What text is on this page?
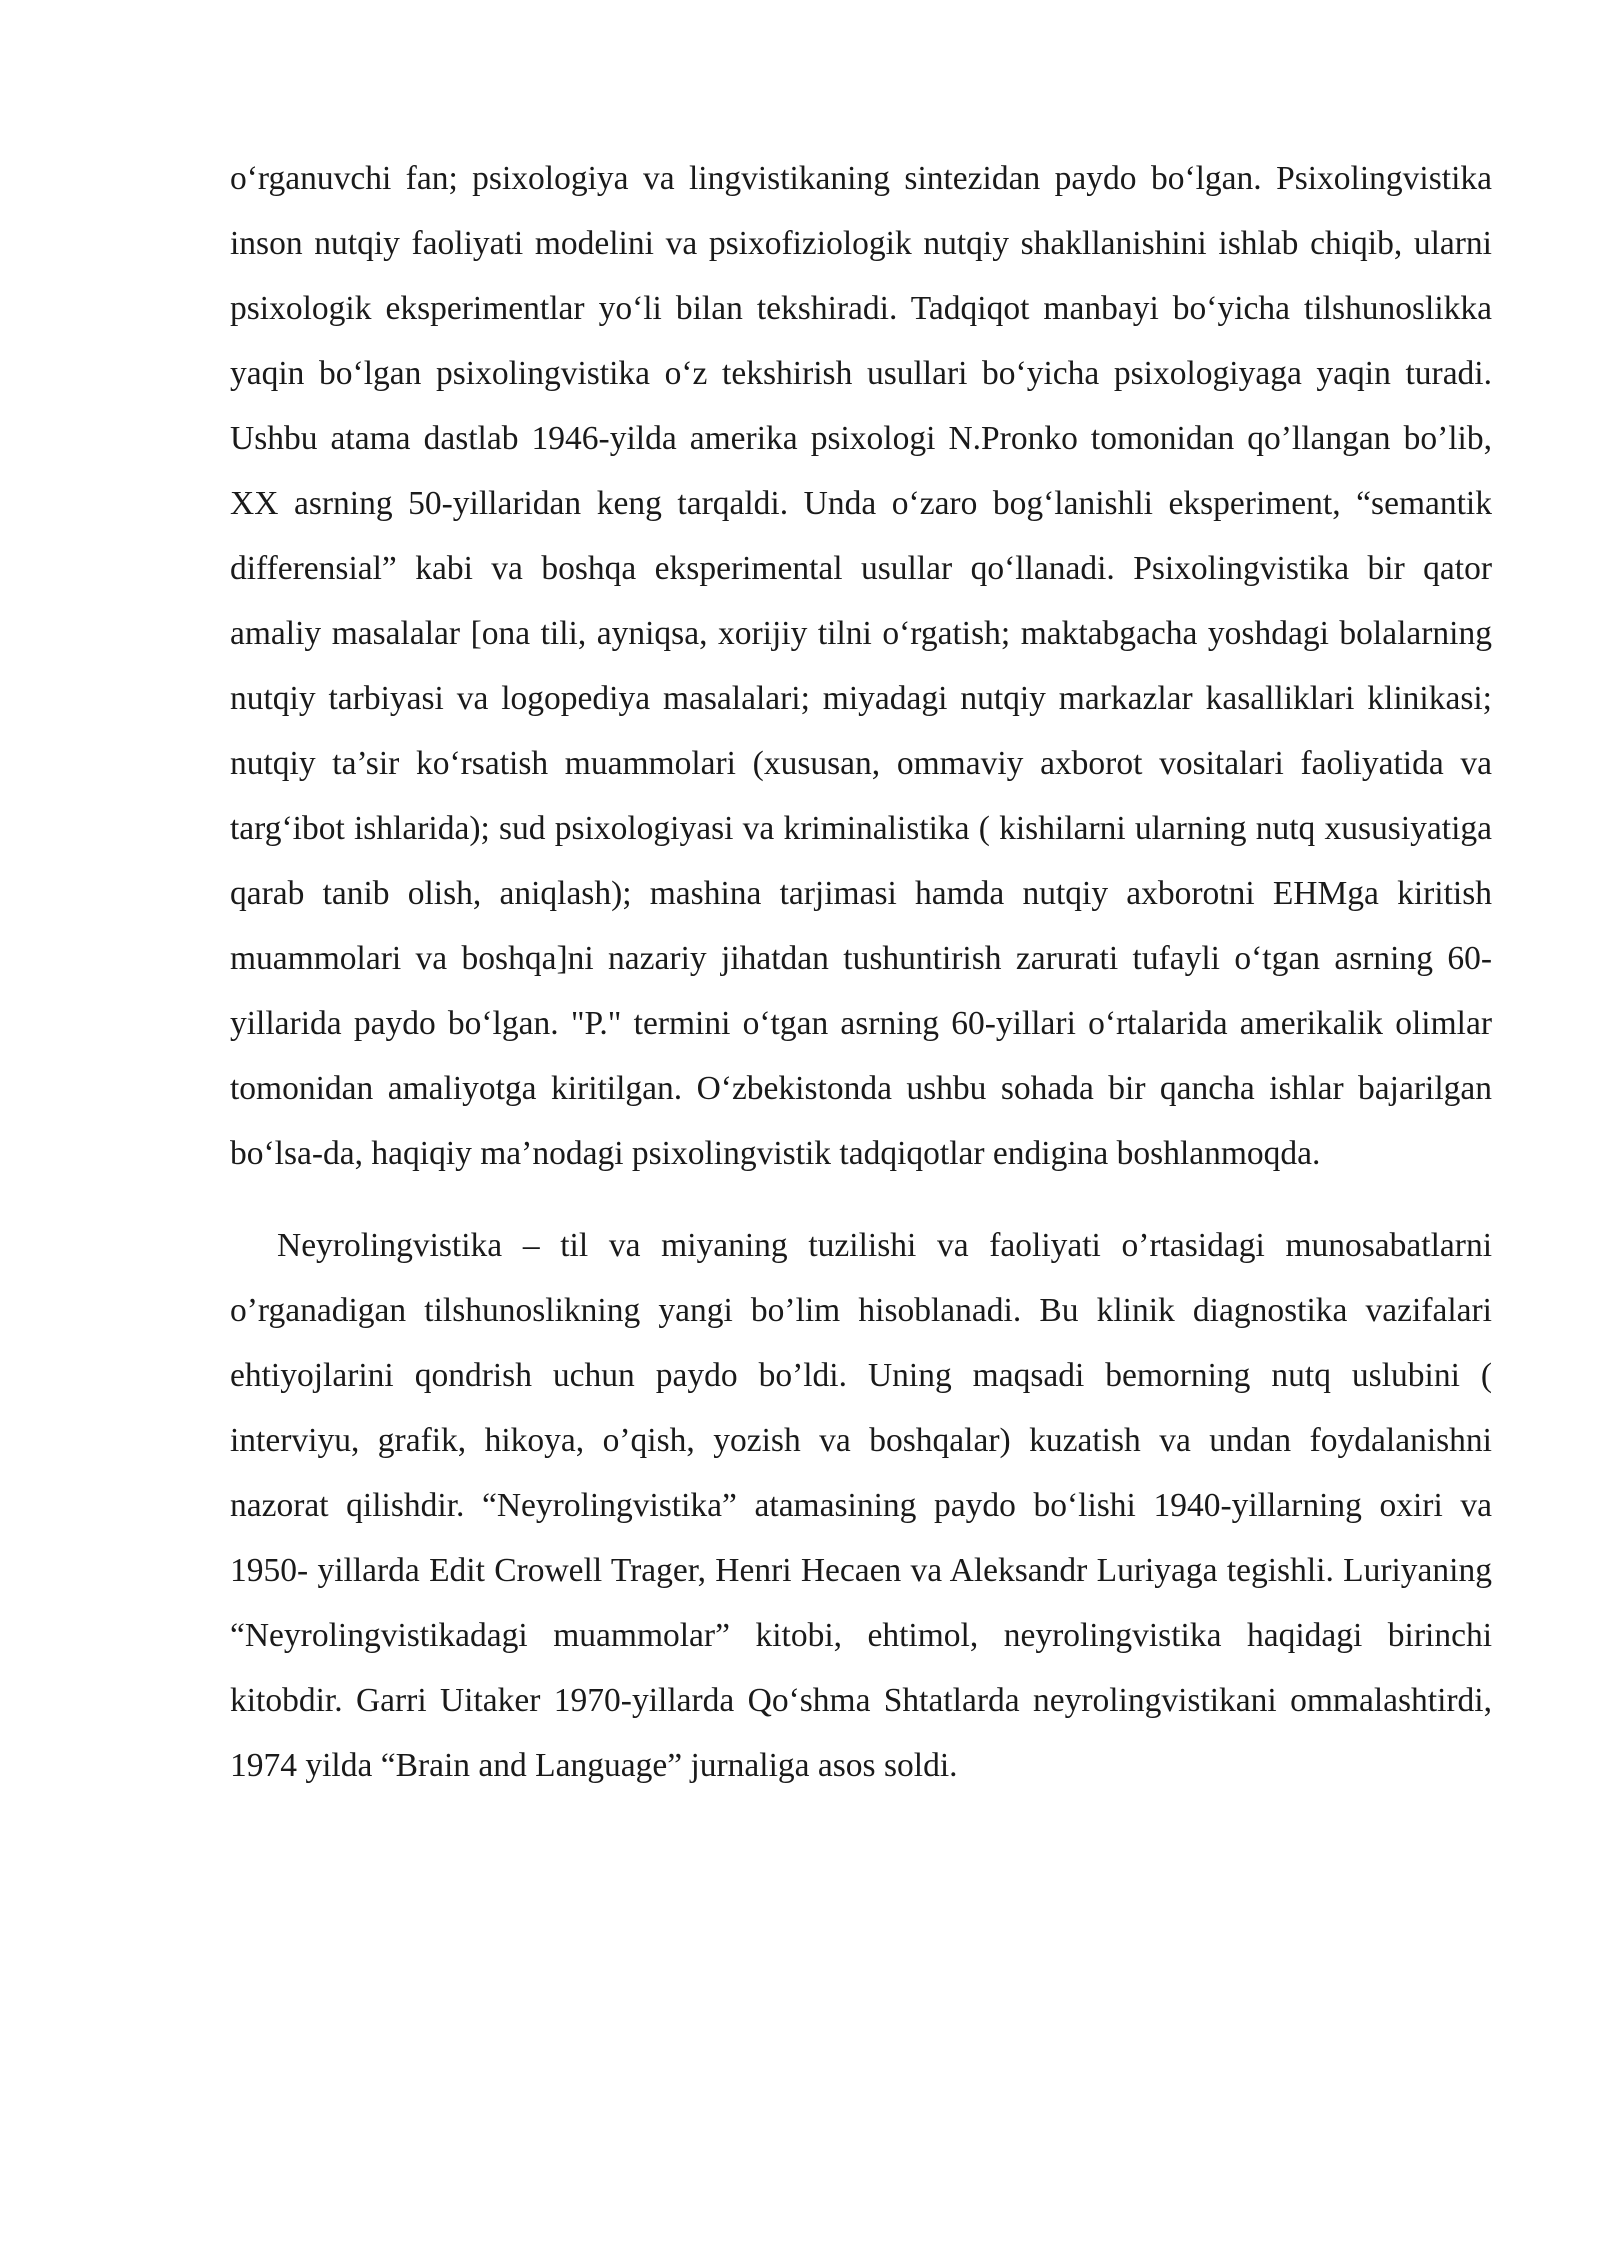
o‘rganuvchi fan; psixologiya va lingvistikaning sintezidan paydo bo‘lgan. Psixolingvistika inson nutqiy faoliyati modelini va psixofiziologik nutqiy shakllanishini ishlab chiqib, ularni psixologik eksperimentlar yo‘li bilan tekshiradi. Tadqiqot manbayi bo‘yicha tilshunoslikka yaqin bo‘lgan psixolingvistika o‘z tekshirish usullari bo‘yicha psixologiyaga yaqin turadi. Ushbu atama dastlab 1946-yilda amerika psixologi N.Pronko tomonidan qo’llangan bo’lib, XX asrning 50-yillaridan keng tarqaldi. Unda o‘zaro bog‘lanishli eksperiment, “semantik differensial” kabi va boshqa eksperimental usullar qo‘llanadi. Psixolingvistika bir qator amaliy masalalar [ona tili, ayniqsa, xorijiy tilni o‘rgatish; maktabgacha yoshdagi bolalarning nutqiy tarbiyasi va logopediya masalalari; miyadagi nutqiy markazlar kasalliklari klinikasi; nutqiy ta’sir ko‘rsatish muammolari (xususan, ommaviy axborot vositalari faoliyatida va targ‘ibot ishlarida); sud psixologiyasi va kriminalistika ( kishilarni ularning nutq xususiyatiga qarab tanib olish, aniqlash); mashina tarjimasi hamda nutqiy axborotni EHMga kiritish muammolari va boshqa]ni nazariy jihatdan tushuntirish zarurati tufayli o‘tgan asrning 60-yillarida paydo bo‘lgan. "P." termini o‘tgan asrning 60-yillari o‘rtalarida amerikalik olimlar tomonidan amaliyotga kiritilgan. O‘zbekistonda ushbu sohada bir qancha ishlar bajarilgan bo‘lsa-da, haqiqiy ma’nodagi psixolingvistik tadqiqotlar endigina boshlanmoqda.

Neyrolingvistika – til va miyaning tuzilishi va faoliyati o’rtasidagi munosabatlarni o’rganadigan tilshunoslikning yangi bo’lim hisoblanadi. Bu klinik diagnostika vazifalari ehtiyojlarini qondrish uchun paydo bo’ldi. Uning maqsadi bemorning nutq uslubini ( interviyu, grafik, hikoya, o’qish, yozish va boshqalar) kuzatish va undan foydalanishni nazorat qilishdir. “Neyrolingvistika” atamasining paydo bo‘lishi 1940-yillarning oxiri va 1950- yillarda Edit Crowell Trager, Henri Hecaen va Aleksandr Luriyaga tegishli. Luriyaning “Neyrolingvistikadagi muammolar” kitobi, ehtimol, neyrolingvistika haqidagi birinchi kitobdir. Garri Uitaker 1970-yillarda Qo‘shma Shtatlarda neyrolingvistikani ommalashtirdi, 1974 yilda “Brain and Language” jurnaliga asos soldi.
